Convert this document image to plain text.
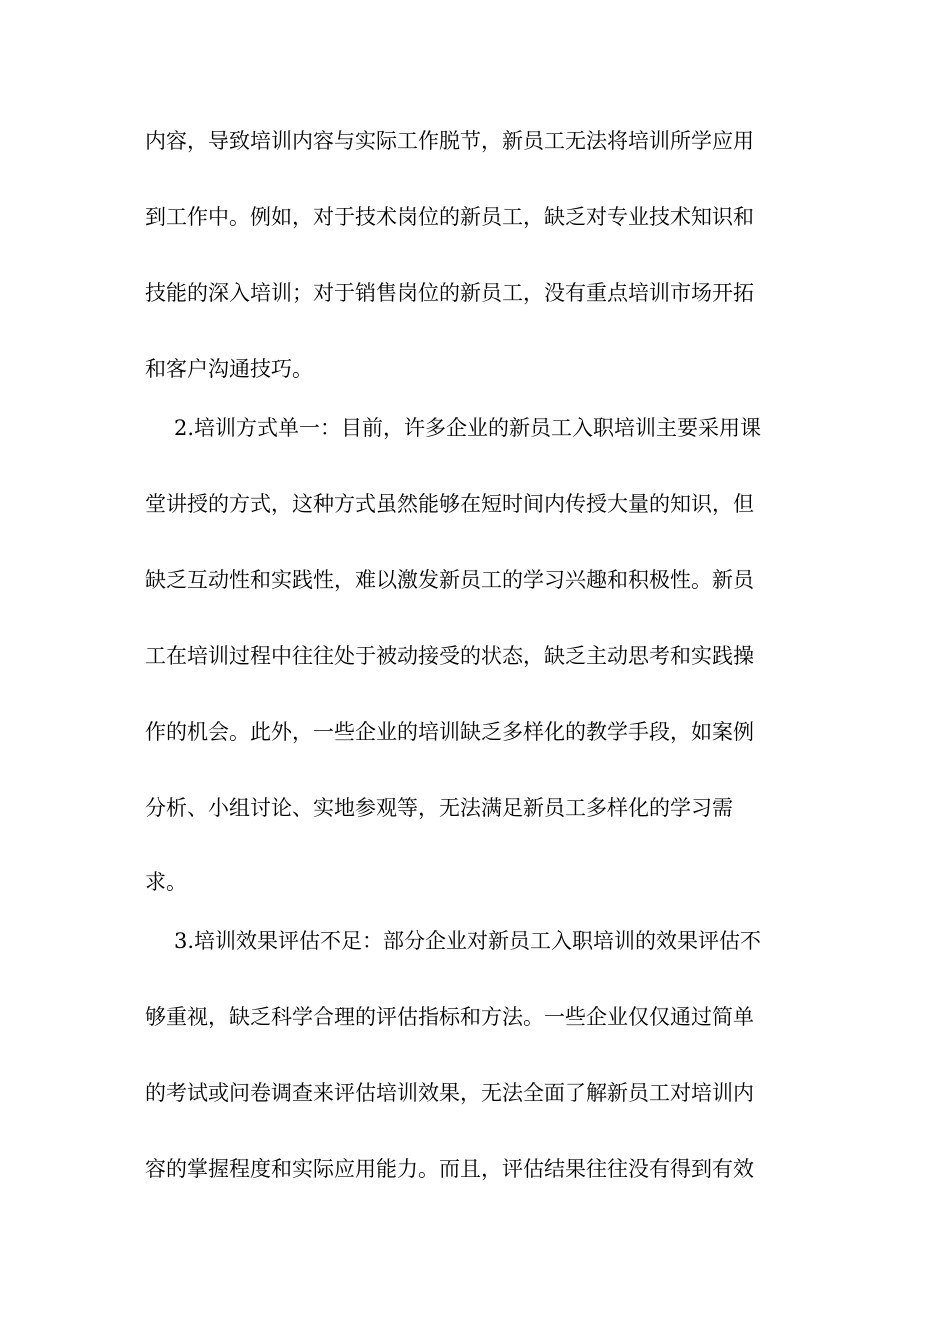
内容，导致培训内容与实际工作脱节，新员工无法将培训所学应用
到工作中。例如，对于技术岗位的新员工，缺乏对专业技术知识和
技能的深入培训；对于销售岗位的新员工，没有重点培训市场开拓
和客户沟通技巧。
2.培训方式单一：目前，许多企业的新员工入职培训主要采用课
堂讲授的方式，这种方式虽然能够在短时间内传授大量的知识，但
缺乏互动性和实践性，难以激发新员工的学习兴趣和积极性。新员
工在培训过程中往往处于被动接受的状态，缺乏主动思考和实践操
作的机会。此外，一些企业的培训缺乏多样化的教学手段，如案例
分析、小组讨论、实地参观等，无法满足新员工多样化的学习需
求。
3.培训效果评估不足：部分企业对新员工入职培训的效果评估不
够重视，缺乏科学合理的评估指标和方法。一些企业仅仅通过简单
的考试或问卷调查来评估培训效果，无法全面了解新员工对培训内
容的掌握程度和实际应用能力。而且，评估结果往往没有得到有效
